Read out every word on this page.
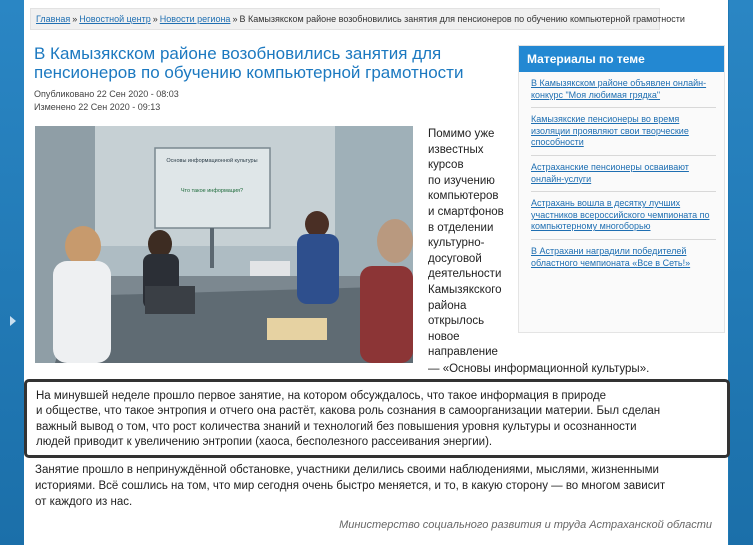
Главная » Новостной центр » Новости региона » В Камызякском районе возобновились занятия для пенсионеров по обучению компьютерной грамотности
В Камызякском районе возобновились занятия для пенсионеров по обучению компьютерной грамотности
Опубликовано 22 Сен 2020 - 08:03
Изменено 22 Сен 2020 - 09:13
Основы информационной культуры
Что такое информация?
Помимо уже
известных
курсов
по изучению
компьютеров
и смартфонов
в отделении
культурно-
досуговой
деятельности
Камызякского
района
открылось
новое
направление
— «Основы информационной культуры».
Материалы по теме
В Камызякском районе объявлен онлайн-конкурс "Моя любимая грядка"
Камызякские пенсионеры во время изоляции проявляют свои творческие способности
Астраханские пенсионеры осваивают онлайн-услуги
Астрахань вошла в десятку лучших участников всероссийского чемпионата по компьютерному многоборью
В Астрахани наградили победителей областного чемпионата «Все в Сеть!»
На минувшей неделе прошло первое занятие, на котором обсуждалось, что такое информация в природе
и обществе, что такое энтропия и отчего она растёт, какова роль сознания в самоорганизации материи. Был сделан
важный вывод о том, что рост количества знаний и технологий без повышения уровня культуры и осознанности
людей приводит к увеличению энтропии (хаоса, бесполезного рассеивания энергии).
Занятие прошло в непринуждённой обстановке, участники делились своими наблюдениями, мыслями, жизненными
историями. Всё сошлись на том, что мир сегодня очень быстро меняется, и то, в какую сторону — во многом зависит
от каждого из нас.
Министерство социального развития и труда Астраханской области
